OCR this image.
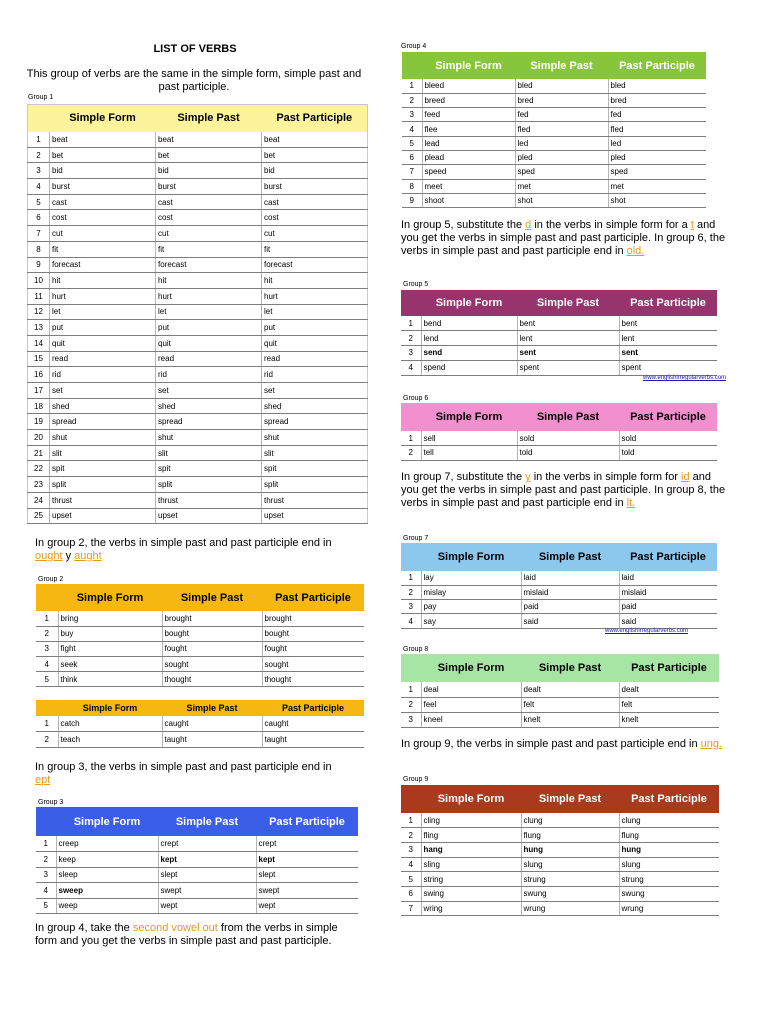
LIST OF VERBS
This group of verbs are the same in the simple form, simple past and past participle.
Group 1
Group 2
Group 3
Group 4
Group 5
Group 6
Group 7
Group 8
Group 9
	Simple Form	Simple Past	Past Participle
1	beat	beat	beat
2	bet	bet	bet
3	bid	bid	bid
4	burst	burst	burst
5	cast	cast	cast
6	cost	cost	cost
7	cut	cut	cut
8	fit	fit	fit
9	forecast	forecast	forecast
10	hit	hit	hit
11	hurt	hurt	hurt
12	let	let	let
13	put	put	put
14	quit	quit	quit
15	read	read	read
16	rid	rid	rid
17	set	set	set
18	shed	shed	shed
19	spread	spread	spread
20	shut	shut	shut
21	slit	slit	slit
22	spit	spit	spit
23	split	split	split
24	thrust	thrust	thrust
25	upset	upset	upset
	Simple Form	Simple Past	Past Participle
1	bring	brought	brought
2	buy	bought	bought
3	fight	fought	fought
4	seek	sought	sought
5	think	thought	thought
	Simple Form	Simple Past	Past Participle
1	catch	caught	caught
2	teach	taught	taught
	Simple Form	Simple Past	Past Participle
1	creep	crept	crept
2	keep	kept	kept
3	sleep	slept	slept
4	sweep	swept	swept
5	weep	wept	wept
	Simple Form	Simple Past	Past Participle
1	bleed	bled	bled
2	breed	bred	bred
3	feed	fed	fed
4	flee	fled	fled
5	lead	led	led
6	plead	pled	pled
7	speed	sped	sped
8	meet	met	met
9	shoot	shot	shot
	Simple Form	Simple Past	Past Participle
1	bend	bent	bent
2	lend	lent	lent
3	send	sent	sent
4	spend	spent	spent
	Simple Form	Simple Past	Past Participle
1	sell	sold	sold
2	tell	told	told
	Simple Form	Simple Past	Past Participle
1	lay	laid	laid
2	mislay	mislaid	mislaid
3	pay	paid	paid
4	say	said	said
	Simple Form	Simple Past	Past Participle
1	deal	dealt	dealt
2	feel	felt	felt
3	kneel	knelt	knelt
	Simple Form	Simple Past	Past Participle
1	cling	clung	clung
2	fling	flung	flung
3	hang	hung	hung
4	sling	slung	slung
5	string	strung	strung
6	swing	swung	swung
7	wring	wrung	wrung
www.englishirregularverbs.com
www.englishirregularverbs.com
In group 2, the verbs in simple past and past participle end in ought y aught
In group 3, the verbs in simple past and past participle end in ept
In group 4, take the second vowel out from the verbs in simple form and you get the verbs in simple past and past participle.
In group 5, substitute the d in the verbs in simple form for a t and you get the verbs in simple past and past participle. In group 6, the verbs in simple past and past participle end in old.
In group 7, substitute the y in the verbs in simple form for id and you get the verbs in simple past and past participle. In group 8, the verbs in simple past and past participle end in lt.
In group 9, the verbs in simple past and past participle end in ung.
